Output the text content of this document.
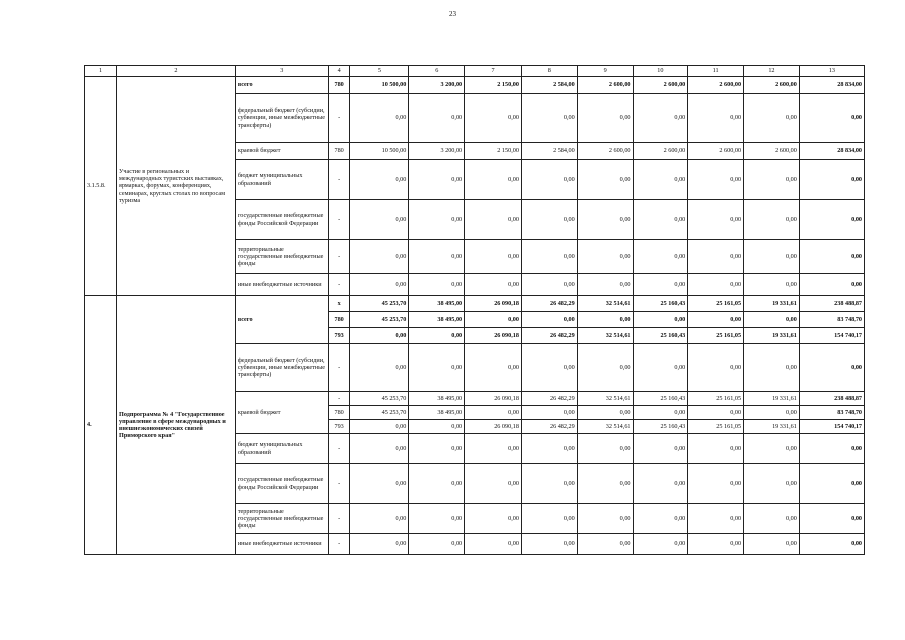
23
1	2	3	4	5	6	7	8	9	10	11	12	13
3.1.5.8.	Участие в региональных и международных туристских выставках, ярмарках, форумах, конференциях, семинарах, круглых столах по вопросам туризма	всего	780	10 500,00	3 200,00	2 150,00	2 584,00	2 600,00	2 600,00	2 600,00	2 600,00	28 834,00
		федеральный бюджет (субсидии, субвенции, иные межбюджетные трансферты)	-	0,00	0,00	0,00	0,00	0,00	0,00	0,00	0,00	0,00
		краевой бюджет	780	10 500,00	3 200,00	2 150,00	2 584,00	2 600,00	2 600,00	2 600,00	2 600,00	28 834,00
		бюджет муниципальных образований	-	0,00	0,00	0,00	0,00	0,00	0,00	0,00	0,00	0,00
		государственные внебюджетные фонды Российской Федерации	-	0,00	0,00	0,00	0,00	0,00	0,00	0,00	0,00	0,00
		территориальные государственные внебюджетные фонды	-	0,00	0,00	0,00	0,00	0,00	0,00	0,00	0,00	0,00
		иные внебюджетные источники	-	0,00	0,00	0,00	0,00	0,00	0,00	0,00	0,00	0,00
4.	Подпрограмма № 4 "Государственное управление в сфере международных и внешнеэкономических связей Приморского края"	всего	х	45 253,70	38 495,00	26 090,18	26 482,29	32 514,61	25 160,43	25 161,05	19 331,61	238 488,87
			780	45 253,70	38 495,00	0,00	0,00	0,00	0,00	0,00	0,00	83 748,70
			793	0,00	0,00	26 090,18	26 482,29	32 514,61	25 160,43	25 161,05	19 331,61	154 740,17
		федеральный бюджет (субсидии, субвенции, иные межбюджетные трансферты)	-	0,00	0,00	0,00	0,00	0,00	0,00	0,00	0,00	0,00
		краевой бюджет	-	45 253,70	38 495,00	26 090,18	26 482,29	32 514,61	25 160,43	25 161,05	19 331,61	238 488,87
			780	45 253,70	38 495,00	0,00	0,00	0,00	0,00	0,00	0,00	83 748,70
			793	0,00	0,00	26 090,18	26 482,29	32 514,61	25 160,43	25 161,05	19 331,61	154 740,17
		бюджет муниципальных образований	-	0,00	0,00	0,00	0,00	0,00	0,00	0,00	0,00	0,00
		государственные внебюджетные фонды Российской Федерации	-	0,00	0,00	0,00	0,00	0,00	0,00	0,00	0,00	0,00
		территориальные государственные внебюджетные фонды	-	0,00	0,00	0,00	0,00	0,00	0,00	0,00	0,00	0,00
		иные внебюджетные источники	-	0,00	0,00	0,00	0,00	0,00	0,00	0,00	0,00	0,00
